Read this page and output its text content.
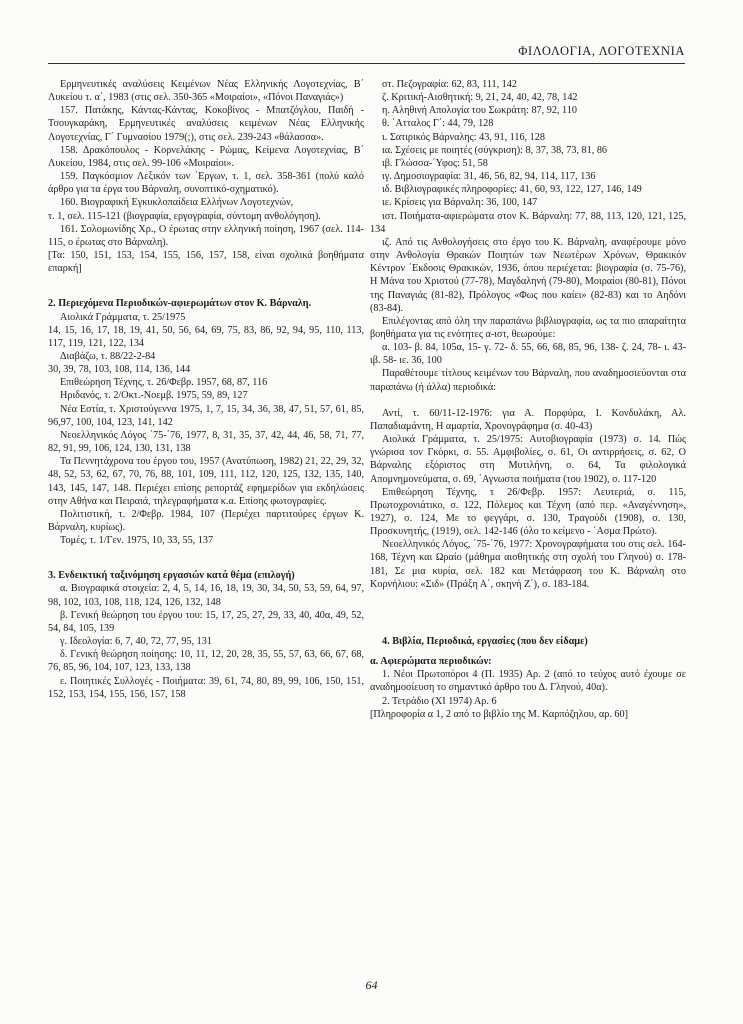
ΦΙΛΟΛΟΓΙΑ, ΛΟΓΟΤΕΧΝΙΑ

Ερμηνευτικές αναλύσεις Κειμένων Νέας Ελληνικής Λογοτεχνίας, Β΄ Λυκείου τ. α΄, 1983 (στις σελ. 350-365 «Μοιραίοι», «Πόνοι Παναγιάς»)

157. Πατάκης, Κάντας-Κάντας, Κοκοβίνος - Μπατζόγλου, Παιδή - Τσουγκαράκη, Ερμηνευτικές αναλύσεις κειμένων Νέας Ελληνικής Λογοτεχνίας, Γ΄ Γυμνασίου 1979(;), στις σελ. 239-243 «θάλασσα».

158. Δρακόπουλος - Κορνελάκης - Ρώμας, Κείμενα Λογοτεχνίας, Β΄ Λυκείου, 1984, στις σελ. 99-106 «Μοιραίοι».

159. Παγκόσμιον Λεξικόν των ΄Εργων, τ. 1, σελ. 358-361 (πολύ καλό άρθρο για τα έργα του Βάρναλη, συνοπτικό-σχηματικό).

160. Βιογραφική Εγκυκλοπαίδεια Ελλήνων Λογοτεχνών,

τ. 1, σελ. 115-121 (βιογραφία, εργογραφία, σύντομη ανθολόγηση).

161. Σολομωνίδης Χρ., Ο έρωτας στην ελληνική ποίηση, 1967 (σελ. 114-115, ο έρωτας στο Βάρναλη).

[Τα: 150, 151, 153, 154, 155, 156, 157, 158, είναι σχολικά βοηθήματα επαρκή]

2. Περιεχόμενα Περιοδικών-αφιερωμάτων στον Κ. Βάρναλη.

Αιολικά Γράμματα, τ. 25/1975

14, 15, 16, 17, 18, 19, 41, 50, 56, 64, 69, 75, 83, 86, 92, 94, 95, 110, 113, 117, 119, 121, 122, 134

Διαβάζω, τ. 88/22-2-84

30, 39, 78, 103, 108, 114, 136, 144

Επιθεώρηση Τέχνης, τ. 26/Φεβρ. 1957, 68, 87, 116

Ηριδανός, τ. 2/Οκτ.-Νοεμβ. 1975, 59, 89, 127

Νέα Εστία, τ. Χριστούγεννα 1975, 1, 7, 15, 34, 36, 38, 47, 51, 57, 61, 85, 96,97, 100, 104, 123, 141, 142

Νεοελληνικός Λόγος ΄75-΄76, 1977, 8, 31, 35, 37, 42, 44, 46, 58, 71, 77, 82, 91, 99, 106, 124, 130, 131, 138

Τα Πεννητάχρονα του έργου του, 1957 (Ανατύπωση, 1982) 21, 22, 29, 32, 48, 52, 53, 62, 67, 70, 76, 88, 101, 109, 111, 112, 120, 125, 132, 135, 140, 143, 145, 147, 148. Περιέχει επίσης ρεπορτάζ εφημερίδων για εκδηλώσεις στην Αθήνα και Πειραιά, τηλεγραφήματα κ.α. Επίσης φωτογραφίες.

Πολιτιστική, τ. 2/Φεβρ. 1984, 107 (Περιέχει παρτιτούρες έργων Κ. Βάρναλη, κυρίως).

Τομές, τ. 1/Γεν. 1975, 10, 33, 55, 137

3. Ενδεικτική ταξινόμηση εργασιών κατά θέμα (επιλογή)

α. Βιογραφικά στοιχεία: 2, 4, 5, 14, 16, 18, 19, 30, 34, 50, 53, 59, 64, 97, 98, 102, 103, 108, 118, 124, 126, 132, 148

β. Γενική θεώρηση του έργου του: 15, 17, 25, 27, 29, 33, 40, 40α, 49, 52, 54, 84, 105, 139

γ. Ιδεολογία: 6, 7, 40, 72, 77, 95, 131

δ. Γενική θεώρηση ποίησης: 10, 11, 12, 20, 28, 35, 55, 57, 63, 66, 67, 68, 76, 85, 96, 104, 107, 123, 133, 138

ε. Ποιητικές Συλλογές - Ποιήματα: 39, 61, 74, 80, 89, 99, 106, 150, 151, 152, 153, 154, 155, 156, 157, 158

στ. Πεζογραφία: 62, 83, 111, 142

ζ. Κριτική-Αισθητική: 9, 21, 24, 40, 42, 78, 142

η. Αληθινή Απολογία του Σωκράτη: 87, 92, 110

θ. ΄Ατταλος Γ΄: 44, 79, 128

ι. Σατιρικός Βάρναλης: 43, 91, 116, 128

ια. Σχέσεις με ποιητές (σύγκριση): 8, 37, 38, 73, 81, 86

ιβ. Γλώσσα-΄Υφος: 51, 58

ιγ. Δημοσιογραφία: 31, 46, 56, 82, 94, 114, 117, 136

ιδ. Βιβλιογραφικές πληροφορίες: 41, 60, 93, 122, 127, 146, 149

ιε. Κρίσεις για Βάρναλη: 36, 100, 147

ιστ. Ποιήματα-αφιερώματα στον Κ. Βάρναλη: 77, 88, 113, 120, 121, 125, 134

ιζ. Από τις Ανθολογήσεις στο έργο του Κ. Βάρναλη, αναφέρουμε μόνο στην Ανθολογία Θρακών Ποιητών των Νεωτέρων Χρόνων, Θρακικόν Κέντρον ΄Εκδοσις Θρακικών, 1936, όπου περιέχεται: βιογραφία (σ. 75-76), Η Μάνα του Χριστού (77-78), Μαγδαληνή (79-80), Μοιραίοι (80-81), Πόνοι της Παναγιάς (81-82), Πρόλογος «Φως που καίει» (82-83) και το Αηδόνι (83-84).

Επιλέγοντας από όλη την παραπάνω βιβλιογραφία, ως τα πιο απαραίτητα βοηθήματα για τις ενότητες α-ιστ, θεωρούμε:

α. 103- β. 84, 105α, 15- γ. 72- δ. 55, 66, 68, 85, 96, 138- ζ. 24, 78- ι. 43- ιβ. 58- ιε. 36, 100

Παραθέτουμε τίτλους κειμένων του Βάρναλη, που αναδημοσιεύονται στα παραπάνω (ή άλλα) περιοδικά:

Αντί, τ. 60/11-12-1976: για Α. Πορφύρα, Ι. Κονδυλάκη, Αλ. Παπαδιαμάντη, Η αμαρτία, Χρονογράφημα (σ. 40-43)

Αιολικά Γράμματα, τ. 25/1975: Αυτοβιογραφία (1973) σ. 14. Πώς γνώρισα τον Γκόρκι, σ. 55. Αμφιβολίες, σ. 61, Οι αντιρρήσεις, σ. 62, Ο Βάρναλης εξόριστος στη Μυτιλήνη, σ. 64, Τα φιλολογικά Απομνημονεύματα, σ. 69, ΄Αγνωστα ποιήματα (του 1902), σ. 117-120

Επιθεώρηση Τέχνης, τ 26/Φεβρ. 1957: Λευτεριά, σ. 115, Πρωτοχρονιάτικο, σ. 122, Πόλεμος και Τέχνη (από περ. «Αναγέννηση», 1927), σ. 124, Με το φεγγάρι, σ. 130, Τραγούδι (1908), σ. 130, Προσκυνητής, (1919), σελ. 142-146 (όλο το κείμενο - ΄Ασμα Πρώτο).

Νεοελληνικός Λόγος, ΄75-΄76, 1977: Χρονογραφήματα του στις σελ. 164-168, Τέχνη και Ωραίο (μάθημα αισθητικής στη σχολή του Γληνού) σ. 178-181, Σε μια κυρία, σελ. 182 και Μετάφραση του Κ. Βάρναλη στο Κορνήλιου: «Σιδ» (Πράξη Α΄, σκηνή Ζ΄), σ. 183-184.

4. Βιβλία, Περιοδικά, εργασίες (που δεν είδαμε)

α. Αφιερώματα περιοδικών:

1. Νέοι Πρωτοπόροι 4 (Π. 1935) Αρ. 2 (από το τεύχος αυτό έχουμε σε αναδημοσίευση το σημαντικό άρθρο του Δ. Γληνού, 40α).

2. Τετράδιο (ΧΙ 1974) Αρ. 6

[Πληροφορία α 1, 2 από το βιβλίο της Μ. Καρπόζηλου, αρ. 60]

64
